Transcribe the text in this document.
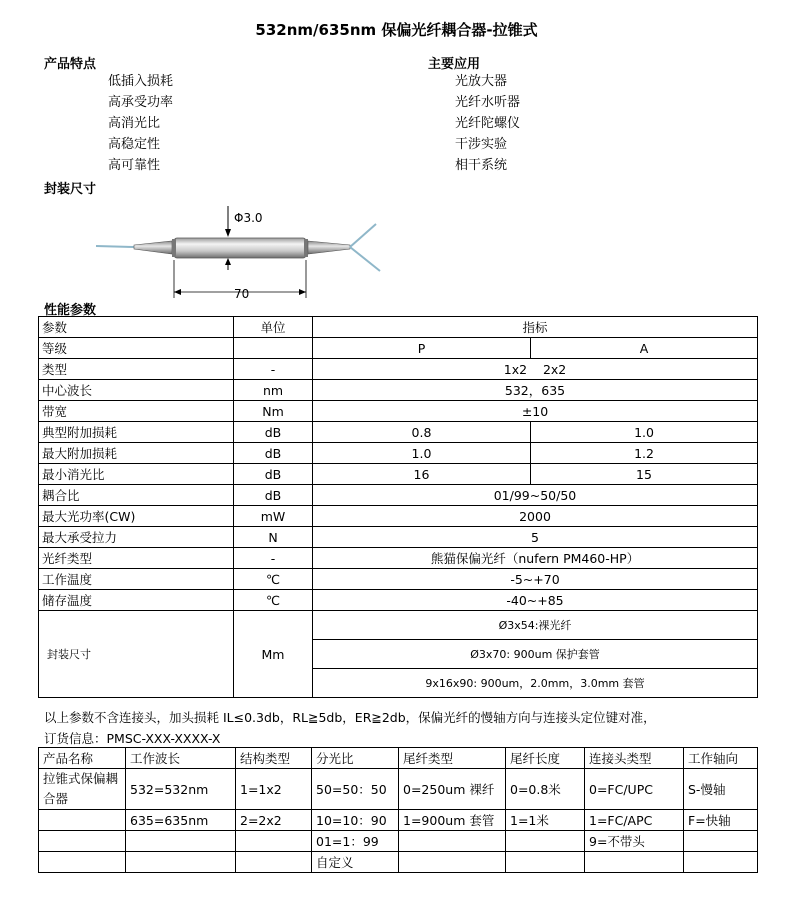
532nm/635nm 保偏光纤耦合器-拉锥式
产品特点
低插入损耗
高承受功率
高消光比
高稳定性
高可靠性
主要应用
光放大器
光纤水听器
光纤陀螺仪
干涉实验
相干系统
封装尺寸
Φ3.0
70
性能参数
参数	单位	指标	
等级		P	A
类型	-	1x2    2x2	
中心波长	nm	532，635	
带宽	Nm	±10	
典型附加损耗	dB	0.8	1.0
最大附加损耗	dB	1.0	1.2
最小消光比	dB	16	15
耦合比	dB	01/99~50/50	
最大光功率(CW)	mW	2000	
最大承受拉力	N	5	
光纤类型	-	熊猫保偏光纤（nufern PM460-HP）	
工作温度	℃	-5~+70	
储存温度	℃	-40~+85	
封装尺寸	Mm	Ø3x54:裸光纤	
		Ø3x70: 900um 保护套管	
		9x16x90: 900um，2.0mm，3.0mm 套管	
以上参数不含连接头，加头损耗 IL≤0.3db，RL≧5db，ER≧2db，保偏光纤的慢轴方向与连接头定位键对准，
订货信息：PMSC-XXX-XXXX-X
产品名称	工作波长	结构类型	分光比	尾纤类型	尾纤长度	连接头类型	工作轴向
拉锥式保偏耦合器	532=532nm	1=1x2	50=50：50	0=250um 裸纤	0=0.8米	0=FC/UPC	S-慢轴
	635=635nm	2=2x2	10=10：90	1=900um 套管	1=1米	1=FC/APC	F=快轴
			01=1：99			9=不带头	
			自定义				
